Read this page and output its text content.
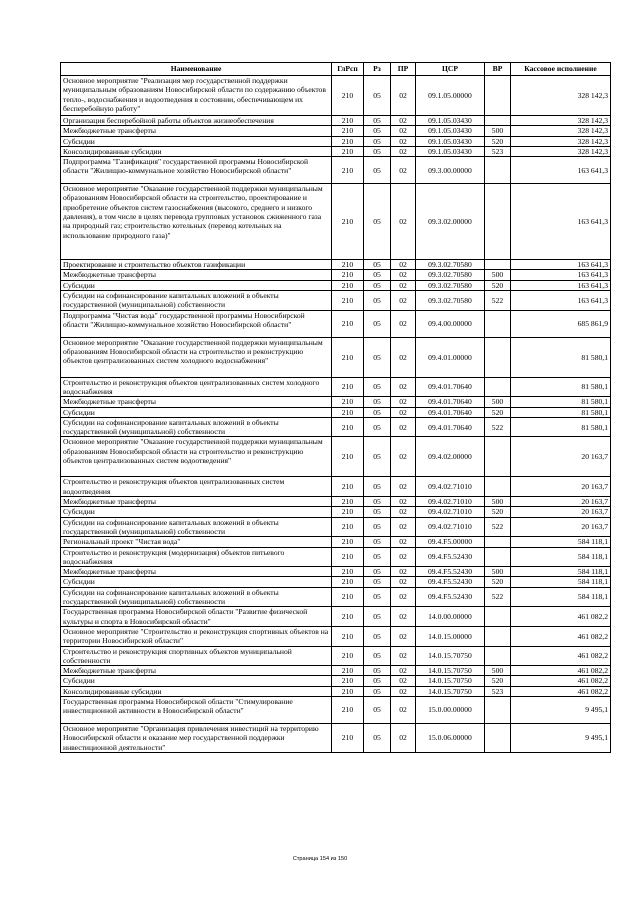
Наименование	ГлРсп	Рз	ПР	ЦСР	ВР	Кассовое исполнение
Основное мероприятие "Реализация мер государственной поддержки муниципальным образованиям Новосибирской области по содержанию объектов тепло-, водоснабжения и водоотведения в состоянии, обеспечивающем их бесперебойную работу"	210	05	02	09.1.05.00000		328 142,3
Организация бесперебойной работы объектов жизнеобеспечения	210	05	02	09.1.05.03430		328 142,3
Межбюджетные трансферты	210	05	02	09.1.05.03430	500	328 142,3
Субсидии	210	05	02	09.1.05.03430	520	328 142,3
Консолидированные субсидии	210	05	02	09.1.05.03430	523	328 142,3
Подпрограмма "Газификация" государственной программы Новосибирской области "Жилищно-коммунальное хозяйство Новосибирской области"	210	05	02	09.3.00.00000		163 641,3
Основное мероприятие "Оказание государственной поддержки муниципальным образованиям Новосибирской области на строительство, проектирование и приобретение объектов систем газоснабжения (высокого, среднего и низкого давления), в том числе в целях перевода групповых установок сжиженного газа на природный газ; строительство котельных (перевод котельных на использование природного газа)"	210	05	02	09.3.02.00000		163 641,3
Проектирование и строительство объектов газификации	210	05	02	09.3.02.70580		163 641,3
Межбюджетные трансферты	210	05	02	09.3.02.70580	500	163 641,3
Субсидии	210	05	02	09.3.02.70580	520	163 641,3
Субсидии на софинансирование капитальных вложений в объекты государственной (муниципальной) собственности	210	05	02	09.3.02.70580	522	163 641,3
Подпрограмма "Чистая вода" государственной программы Новосибирской области "Жилищно-коммунальное хозяйство Новосибирской области"	210	05	02	09.4.00.00000		685 861,9
Основное мероприятие "Оказание государственной поддержки муниципальным образованиям Новосибирской области на строительство и реконструкцию объектов централизованных систем холодного водоснабжения"	210	05	02	09.4.01.00000		81 580,1
Строительство и реконструкция объектов централизованных систем холодного водоснабжения	210	05	02	09.4.01.70640		81 580,1
Межбюджетные трансферты	210	05	02	09.4.01.70640	500	81 580,1
Субсидии	210	05	02	09.4.01.70640	520	81 580,1
Субсидии на софинансирование капитальных вложений в объекты государственной (муниципальной) собственности	210	05	02	09.4.01.70640	522	81 580,1
Основное мероприятие "Оказание государственной поддержки муниципальным образованиям Новосибирской области на строительство и реконструкцию объектов централизованных систем водоотведения"	210	05	02	09.4.02.00000		20 163,7
Строительство и реконструкция объектов централизованных систем водоотведения	210	05	02	09.4.02.71010		20 163,7
Межбюджетные трансферты	210	05	02	09.4.02.71010	500	20 163,7
Субсидии	210	05	02	09.4.02.71010	520	20 163,7
Субсидии на софинансирование капитальных вложений в объекты государственной (муниципальной) собственности	210	05	02	09.4.02.71010	522	20 163,7
Региональный проект "Чистая вода"	210	05	02	09.4.F5.00000		584 118,1
Строительство и реконструкция (модернизация) объектов питьевого водоснабжения	210	05	02	09.4.F5.52430		584 118,1
Межбюджетные трансферты	210	05	02	09.4.F5.52430	500	584 118,1
Субсидии	210	05	02	09.4.F5.52430	520	584 118,1
Субсидии на софинансирование капитальных вложений в объекты государственной (муниципальной) собственности	210	05	02	09.4.F5.52430	522	584 118,1
Государственная программа Новосибирской области "Развитие физической культуры и спорта в Новосибирской области"	210	05	02	14.0.00.00000		461 082,2
Основное мероприятие "Строительство и реконструкция спортивных объектов на территории Новосибирской области"	210	05	02	14.0.15.00000		461 082,2
Строительство и реконструкция спортивных объектов муниципальной собственности	210	05	02	14.0.15.70750		461 082,2
Межбюджетные трансферты	210	05	02	14.0.15.70750	500	461 082,2
Субсидии	210	05	02	14.0.15.70750	520	461 082,2
Консолидированные субсидии	210	05	02	14.0.15.70750	523	461 082,2
Государственная программа Новосибирской области "Стимулирование инвестиционной активности в Новосибирской области"	210	05	02	15.0.00.00000		9 495,1
Основное мероприятие "Организация привлечения инвестиций на территорию Новосибирской области и оказание мер государственной поддержки инвестиционной деятельности"	210	05	02	15.0.06.00000		9 495,1
Страница 154 из 150
